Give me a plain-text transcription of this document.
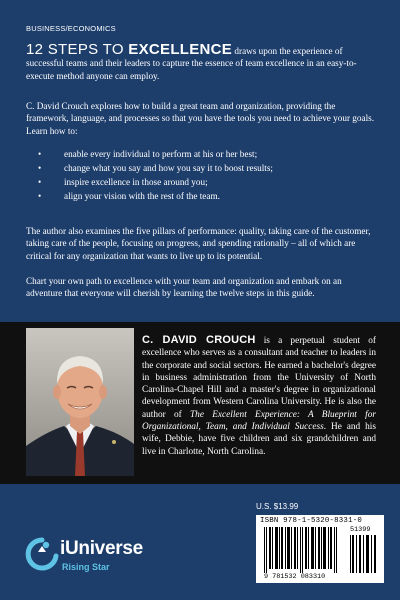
BUSINESS/ECONOMICS

12 STEPS TO EXCELLENCE draws upon the experience of successful teams and their leaders to capture the essence of team excellence in an easy-to-execute method anyone can employ.

C. David Crouch explores how to build a great team and organization, providing the framework, language, and processes so that you have the tools you need to achieve your goals. Learn how to:

• enable every individual to perform at his or her best;
• change what you say and how you say it to boost results;
• inspire excellence in those around you;
• align your vision with the rest of the team.

The author also examines the five pillars of performance: quality, taking care of the customer, taking care of the people, focusing on progress, and spending rationally – all of which are critical for any organization that wants to live up to its potential.

Chart your own path to excellence with your team and organization and embark on an adventure that everyone will cherish by learning the twelve steps in this guide.

C. DAVID CROUCH is a perpetual student of excellence who serves as a consultant and teacher to leaders in the corporate and social sectors. He earned a bachelor's degree in business administration from the University of North Carolina-Chapel Hill and a master's degree in organizational development from Western Carolina University. He is also the author of The Excellent Experience: A Blueprint for Organizational, Team, and Individual Success. He and his wife, Debbie, have five children and six grandchildren and live in Charlotte, North Carolina.

U.S. $13.99
ISBN 978-1-5320-8331-0
51399
9 781532 083310
iUniverse
Rising Star
